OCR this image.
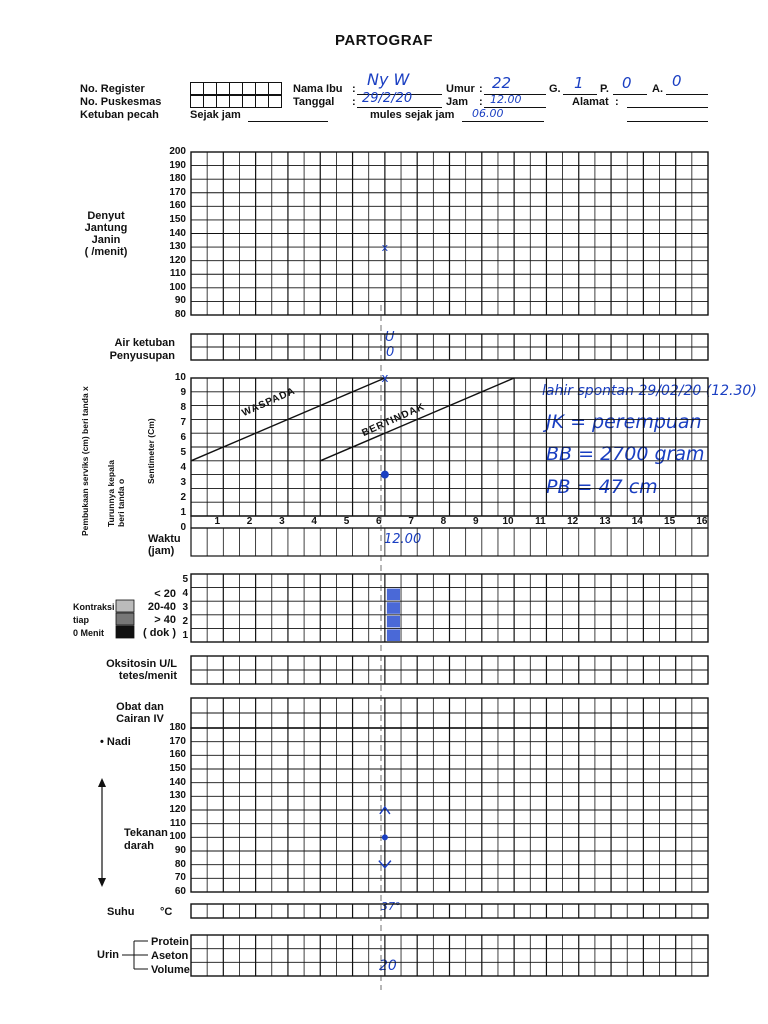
PARTOGRAF
No. Register
No. Puskesmas
Ketuban pecah	Sejak jam
Nama Ibu : Ny W
Tanggal : 29/2/20
mules sejak jam 06.00
Umur : 22
Jam : 12.00
G. 1 P. 0 A. 0
Alamat :
Denyut
Jantung
Janin
( /menit)
200
190
180
170
160
150
140
130
120
110
100
90
80
Air ketuban
Penyusupan
U
0
10
9
8
7
6
5
4
3
2
1
0
1	2	3	4	5	6	7	8	9	10	11	12	13	14	15	16
Pembukaan serviks (cm) beri tanda x Turunnya kepala beri tanda o
Sentimeter (Cm)
WASPADA	BERTINDAK
Waktu
(jam)
12.00
lahir spontan 29/02/20 (12.30)
JK = perempuan
BB = 2700 gram
PB = 47 cm
5
4
3
2
1
Kontraksi
tiap
0 Menit
< 20
20-40
> 40
( dok )
Oksitosin U/L
tetes/menit
Obat dan
Cairan IV
• Nadi
Tekanan
darah
180
170
160
150
140
130
120
110
100
90
80
70
60
Suhu °C	37°
Urin
Protein
Aseton
Volume	20
x
x
